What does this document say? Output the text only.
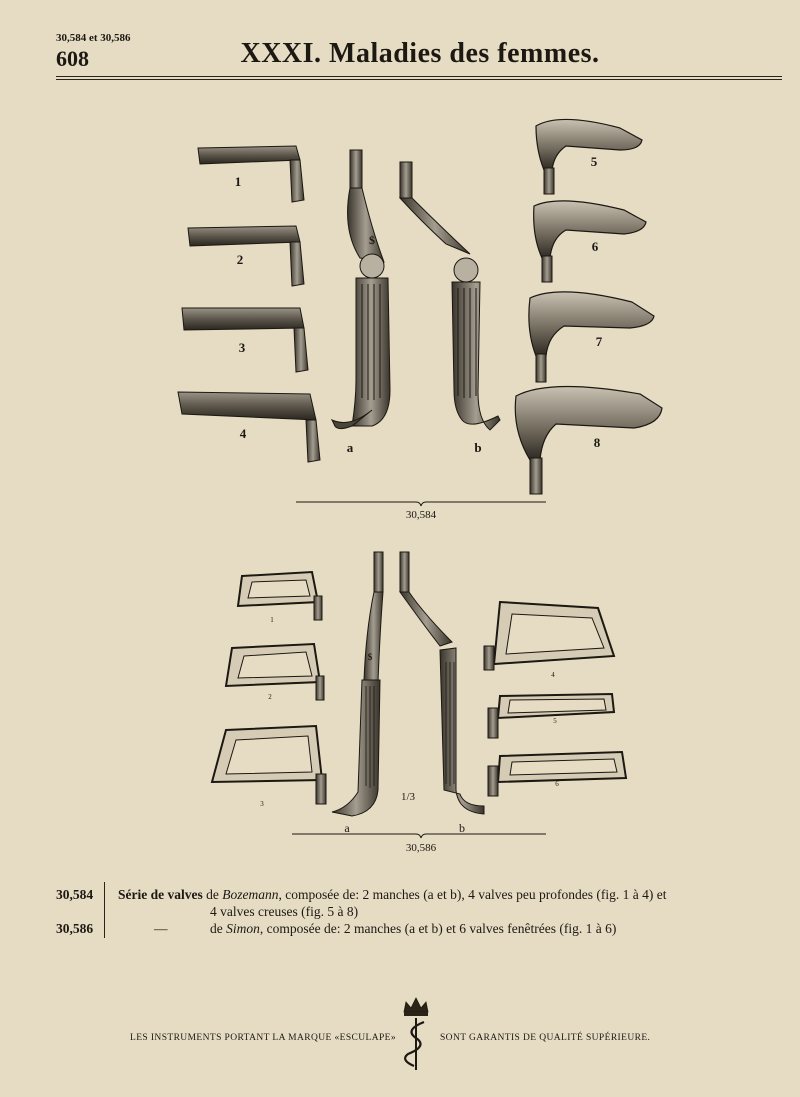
30,584 et 30,586
608	XXXI. Maladies des femmes.
1
2
3
4
$
a	b
5
6
7
8
30,584
1
2
3
$
a	b
1/3
4
5
6
30,586
30,584 Série de valves de Bozemann, composée de: 2 manches (a et b), 4 valves peu profondes (fig. 1 à 4) et
4 valves creuses (fig. 5 à 8)
30,586	—	de Simon, composée de: 2 manches (a et b) et 6 valves fenêtrées (fig. 1 à 6)
LES INSTRUMENTS PORTANT LA MARQUE «ESCULAPE»	SONT GARANTIS DE QUALITÉ SUPÉRIEURE.
